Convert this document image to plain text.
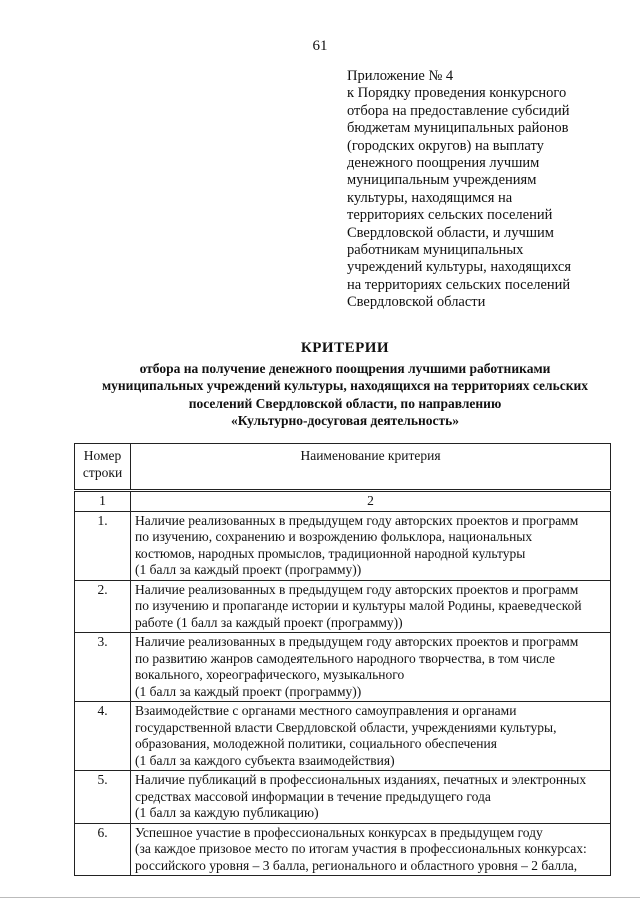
61
Приложение № 4
к Порядку проведения конкурсного
отбора на предоставление субсидий
бюджетам муниципальных районов
(городских округов) на выплату
денежного поощрения лучшим
муниципальным учреждениям
культуры, находящимся на
территориях сельских поселений
Свердловской области, и лучшим
работникам муниципальных
учреждений культуры, находящихся
на территориях сельских поселений
Свердловской области
КРИТЕРИИ
отбора на получение денежного поощрения лучшими работниками
муниципальных учреждений культуры, находящихся на территориях сельских
поселений Свердловской области, по направлению
«Культурно-досуговая деятельность»
Номер
строки	Наименование критерия
1	2
1.	Наличие реализованных в предыдущем году авторских проектов и программ
по изучению, сохранению и возрождению фольклора, национальных
костюмов, народных промыслов, традиционной народной культуры
(1 балл за каждый проект (программу))

2.	Наличие реализованных в предыдущем году авторских проектов и программ
по изучению и пропаганде истории и культуры малой Родины, краеведческой
работе (1 балл за каждый проект (программу))

3.	Наличие реализованных в предыдущем году авторских проектов и программ
по развитию жанров самодеятельного народного творчества, в том числе
вокального, хореографического, музыкального
(1 балл за каждый проект (программу))

4.	Взаимодействие с органами местного самоуправления и органами
государственной власти Свердловской области, учреждениями культуры,
образования, молодежной политики, социального обеспечения
(1 балл за каждого субъекта взаимодействия)

5.	Наличие публикаций в профессиональных изданиях, печатных и электронных
средствах массовой информации в течение предыдущего года
(1 балл за каждую публикацию)

6.	Успешное участие в профессиональных конкурсах в предыдущем году
(за каждое призовое место по итогам участия в профессиональных конкурсах:
российского уровня – 3 балла, регионального и областного уровня – 2 балла,
